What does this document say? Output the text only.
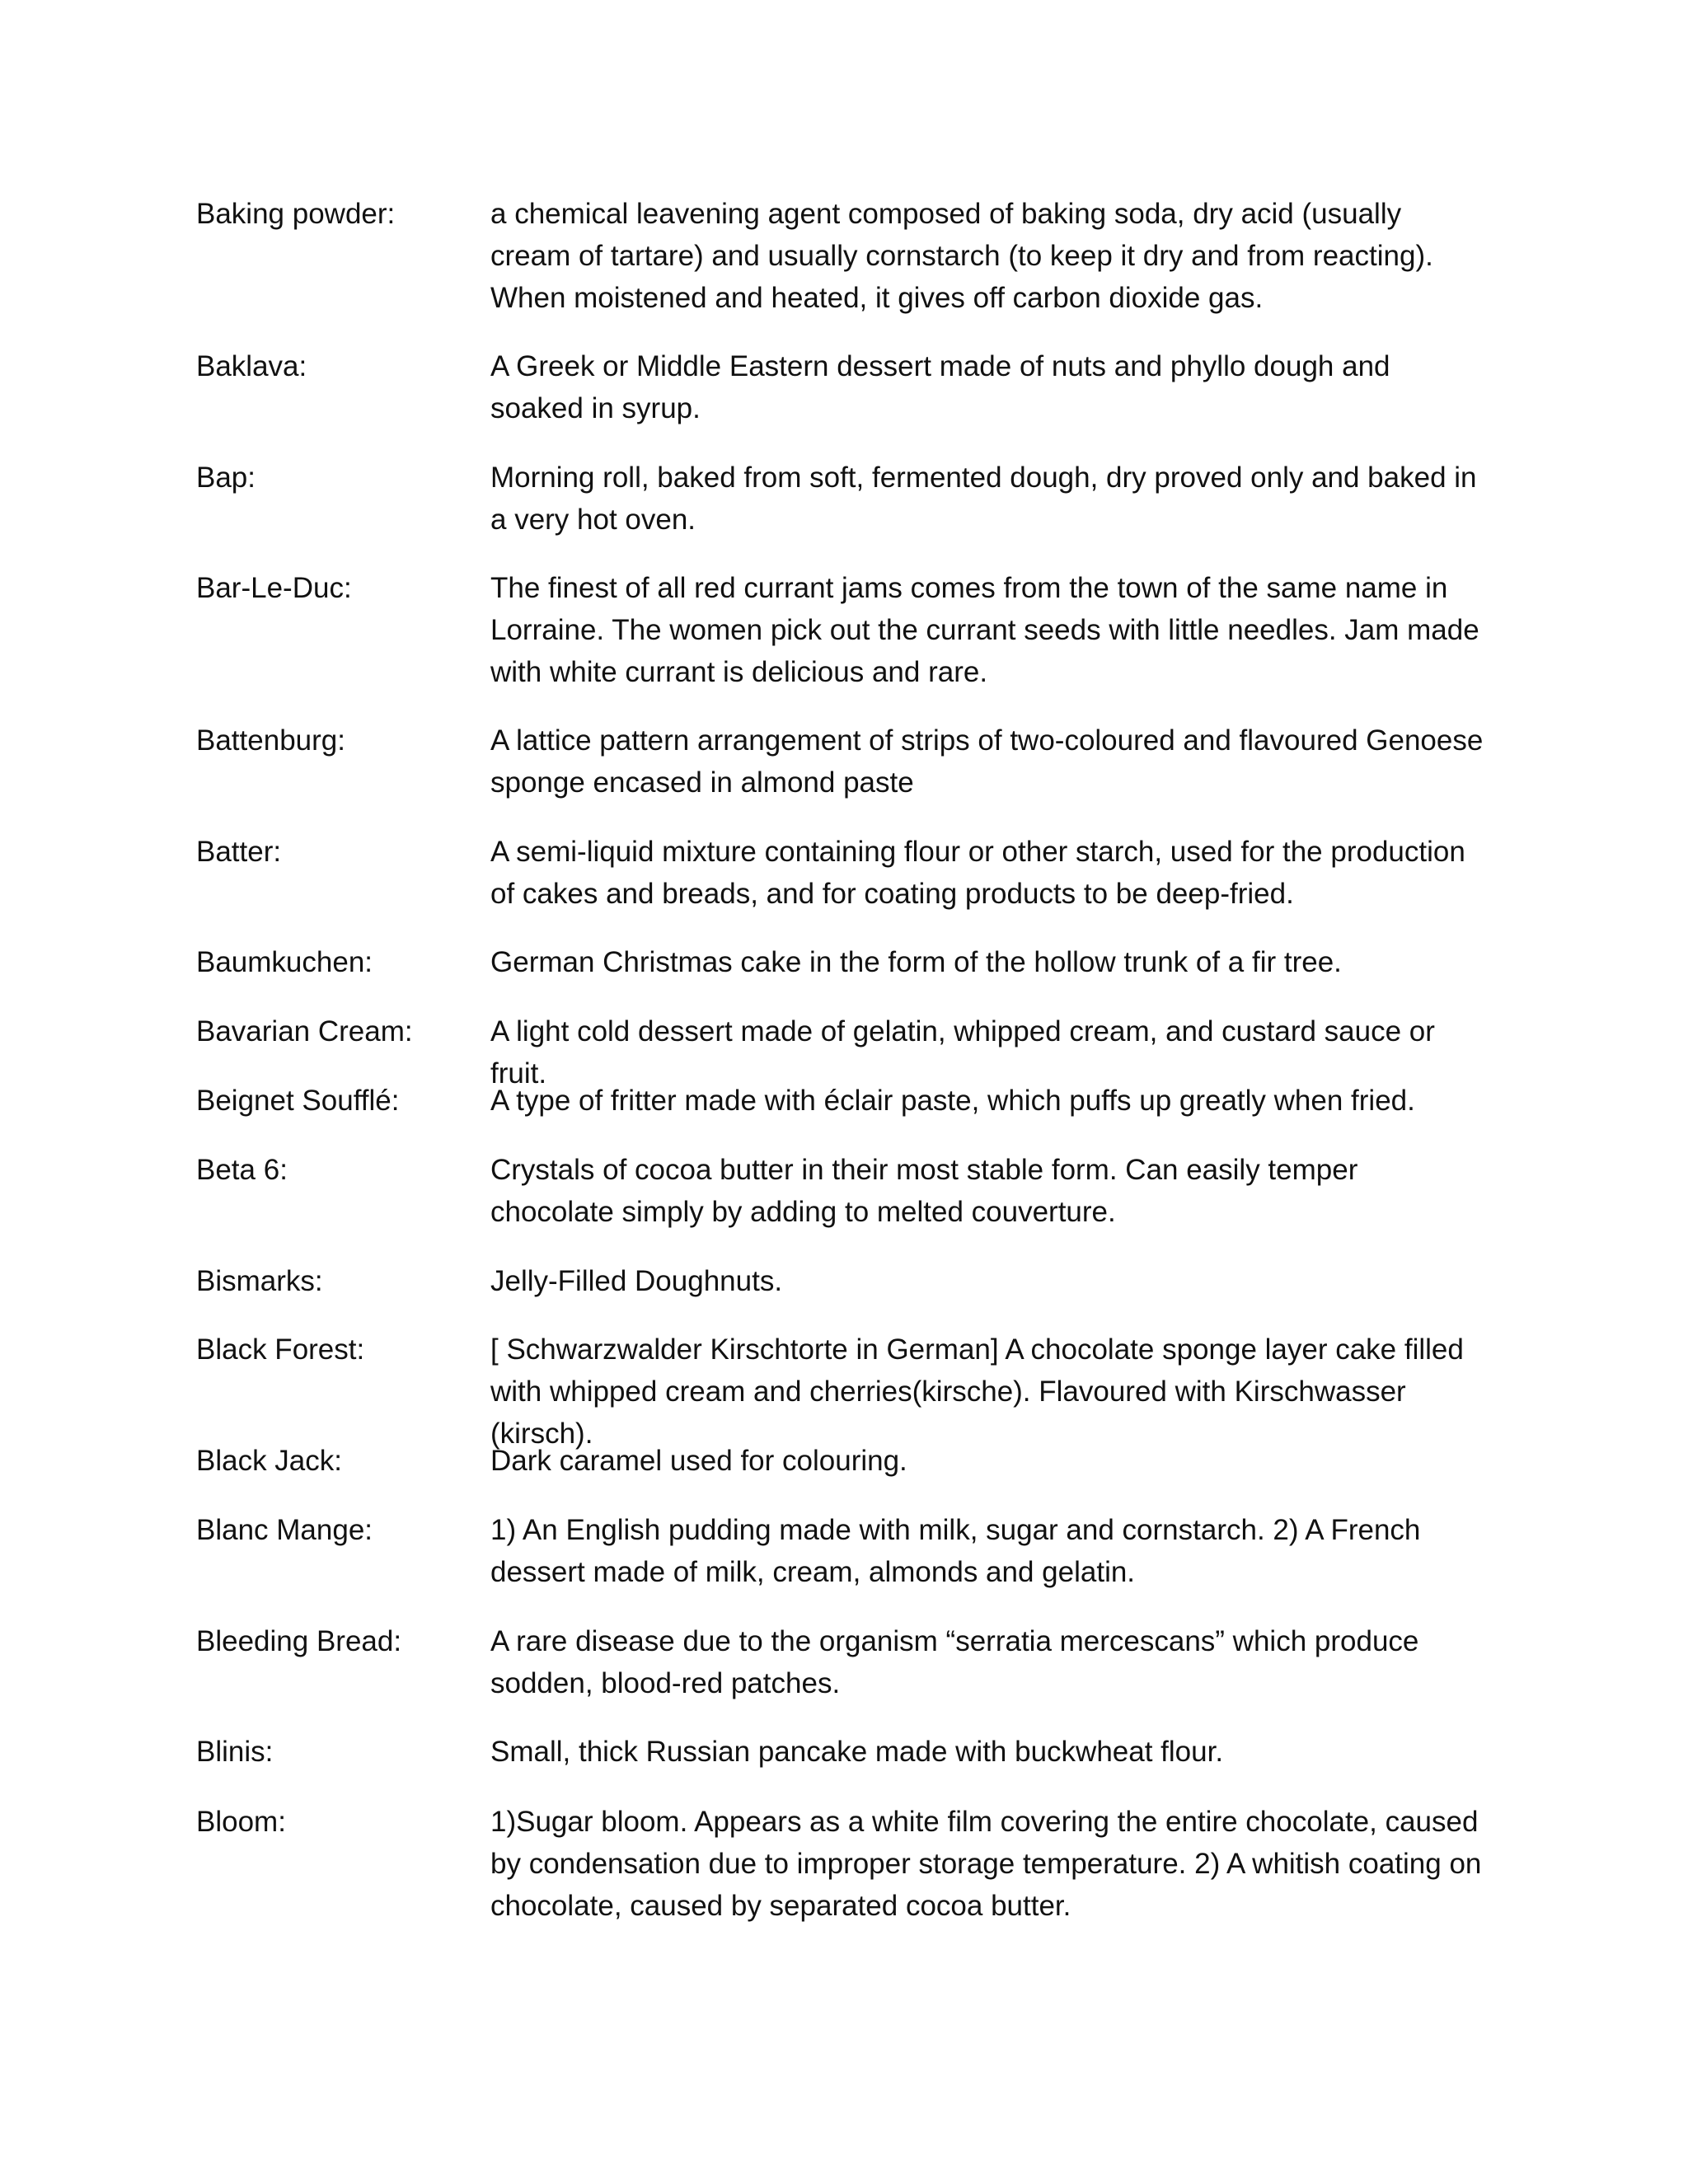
Baking powder:	a chemical leavening agent composed of baking soda, dry acid (usually cream of tartare) and usually cornstarch (to keep it dry and from reacting). When moistened and heated, it gives off carbon dioxide gas.
Baklava:	A Greek or Middle Eastern dessert made of nuts and phyllo dough and soaked in syrup.
Bap:	Morning roll, baked from soft, fermented dough, dry proved only and baked in a very hot oven.
Bar-Le-Duc:	The finest of all red currant jams comes from the town of the same name in Lorraine. The women pick out the currant seeds with little needles. Jam made with white currant is delicious and rare.
Battenburg:	A lattice pattern arrangement of strips of two-coloured and flavoured Genoese sponge encased in almond paste
Batter:	A semi-liquid mixture containing flour or other starch, used for the production of cakes and breads, and for coating products to be deep-fried.
Baumkuchen:	German Christmas cake in the form of the hollow trunk of a fir tree.
Bavarian Cream:	A light cold dessert made of gelatin, whipped cream, and custard sauce or fruit.
Beignet Soufflé:	A type of fritter made with éclair paste, which puffs up greatly when fried.
Beta 6:	Crystals of cocoa butter in their most stable form. Can easily temper chocolate simply by adding to melted couverture.
Bismarks:	Jelly-Filled Doughnuts.
Black Forest:	[ Schwarzwalder Kirschtorte in German] A chocolate sponge layer cake filled with whipped cream and cherries(kirsche). Flavoured with Kirschwasser (kirsch).
Black Jack:	Dark caramel used for colouring.
Blanc Mange:	1) An English pudding made with milk, sugar and cornstarch. 2) A French dessert made of milk, cream, almonds and gelatin.
Bleeding Bread:	A rare disease due to the organism “serratia mercescans” which produce sodden, blood-red patches.
Blinis:	Small, thick Russian pancake made with buckwheat flour.
Bloom:	1)Sugar bloom. Appears as a white film covering the entire chocolate, caused by condensation due to improper storage temperature. 2) A whitish coating on chocolate, caused by separated cocoa butter.
